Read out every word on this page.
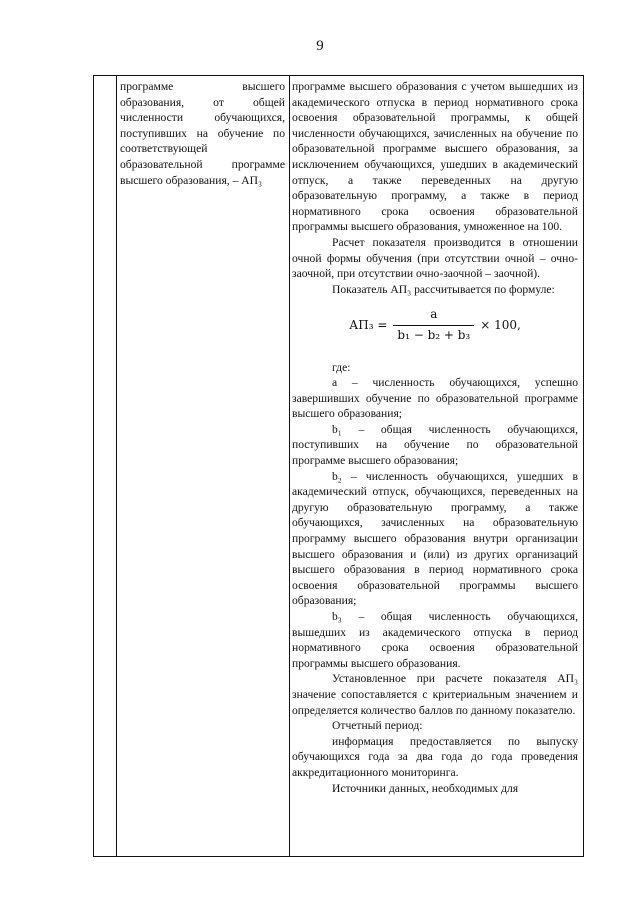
9

программе высшего образования, от общей численности обучающихся, поступивших на обучение по соответствующей образовательной программе высшего образования, – АП₃

программе высшего образования с учетом вышедших из академического отпуска в период нормативного срока освоения образовательной программы, к общей численности обучающихся, зачисленных на обучение по образовательной программе высшего образования, за исключением обучающихся, ушедших в академический отпуск, а также переведенных на другую образовательную программу, а также в период нормативного срока освоения образовательной программы высшего образования, умноженное на 100.

Расчет показателя производится в отношении очной формы обучения (при отсутствии очной – очно-заочной, при отсутствии очно-заочной – заочной).

Показатель АП₃ рассчитывается по формуле:

$АП_3 = \frac{a}{\text{b₁ − b₂ + b₃}} \times 100$,

где:

a – численность обучающихся, успешно завершивших обучение по образовательной программе высшего образования;

b₁ – общая численность обучающихся, поступивших на обучение по образовательной программе высшего образования;

b₂ – численность обучающихся, ушедших в академический отпуск, обучающихся, переведенных на другую образовательную программу, а также обучающихся, зачисленных на образовательную программу высшего образования внутри организации высшего образования и (или) из других организаций высшего образования в период нормативного срока освоения образовательной программы высшего образования;

b₃ – общая численность обучающихся, вышедших из академического отпуска в период нормативного срока освоения образовательной программы высшего образования.

Установленное при расчете показателя АП₃ значение сопоставляется с критериальным значением и определяется количество баллов по данному показателю.

Отчетный период:

информация предоставляется по выпуску обучающихся года за два года до года проведения аккредитационного мониторинга.

Источники данных, необходимых для
